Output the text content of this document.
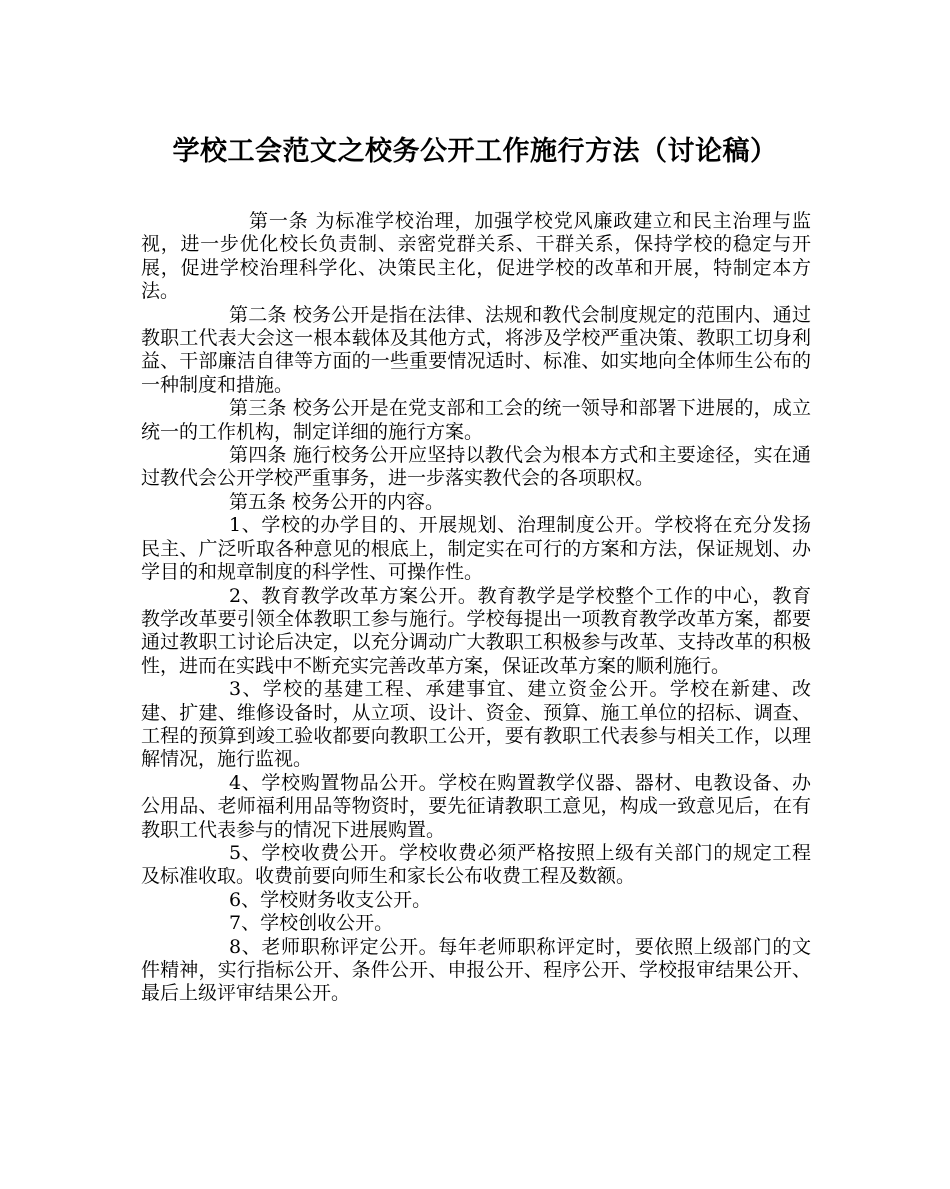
学校工会范文之校务公开工作施行方法（讨论稿）

第一条 为标准学校治理，加强学校党风廉政建立和民主治理与监视，进一步优化校长负责制、亲密党群关系、干群关系，保持学校的稳定与开展，促进学校治理科学化、决策民主化，促进学校的改革和开展，特制定本方法。

第二条 校务公开是指在法律、法规和教代会制度规定的范围内、通过教职工代表大会这一根本载体及其他方式，将涉及学校严重决策、教职工切身利益、干部廉洁自律等方面的一些重要情况适时、标准、如实地向全体师生公布的一种制度和措施。

第三条 校务公开是在党支部和工会的统一领导和部署下进展的，成立统一的工作机构，制定详细的施行方案。

第四条 施行校务公开应坚持以教代会为根本方式和主要途径，实在通过教代会公开学校严重事务，进一步落实教代会的各项职权。

第五条 校务公开的内容。

1、学校的办学目的、开展规划、治理制度公开。学校将在充分发扬民主、广泛听取各种意见的根底上，制定实在可行的方案和方法，保证规划、办学目的和规章制度的科学性、可操作性。

2、教育教学改革方案公开。教育教学是学校整个工作的中心，教育教学改革要引领全体教职工参与施行。学校每提出一项教育教学改革方案，都要通过教职工讨论后决定，以充分调动广大教职工积极参与改革、支持改革的积极性，进而在实践中不断充实完善改革方案，保证改革方案的顺利施行。

3、学校的基建工程、承建事宜、建立资金公开。学校在新建、改建、扩建、维修设备时，从立项、设计、资金、预算、施工单位的招标、调查、工程的预算到竣工验收都要向教职工公开，要有教职工代表参与相关工作，以理解情况，施行监视。

4、学校购置物品公开。学校在购置教学仪器、器材、电教设备、办公用品、老师福利用品等物资时，要先征请教职工意见，构成一致意见后，在有教职工代表参与的情况下进展购置。

5、学校收费公开。学校收费必须严格按照上级有关部门的规定工程及标准收取。收费前要向师生和家长公布收费工程及数额。

6、学校财务收支公开。

7、学校创收公开。

8、老师职称评定公开。每年老师职称评定时，要依照上级部门的文件精神，实行指标公开、条件公开、申报公开、程序公开、学校报审结果公开、最后上级评审结果公开。
